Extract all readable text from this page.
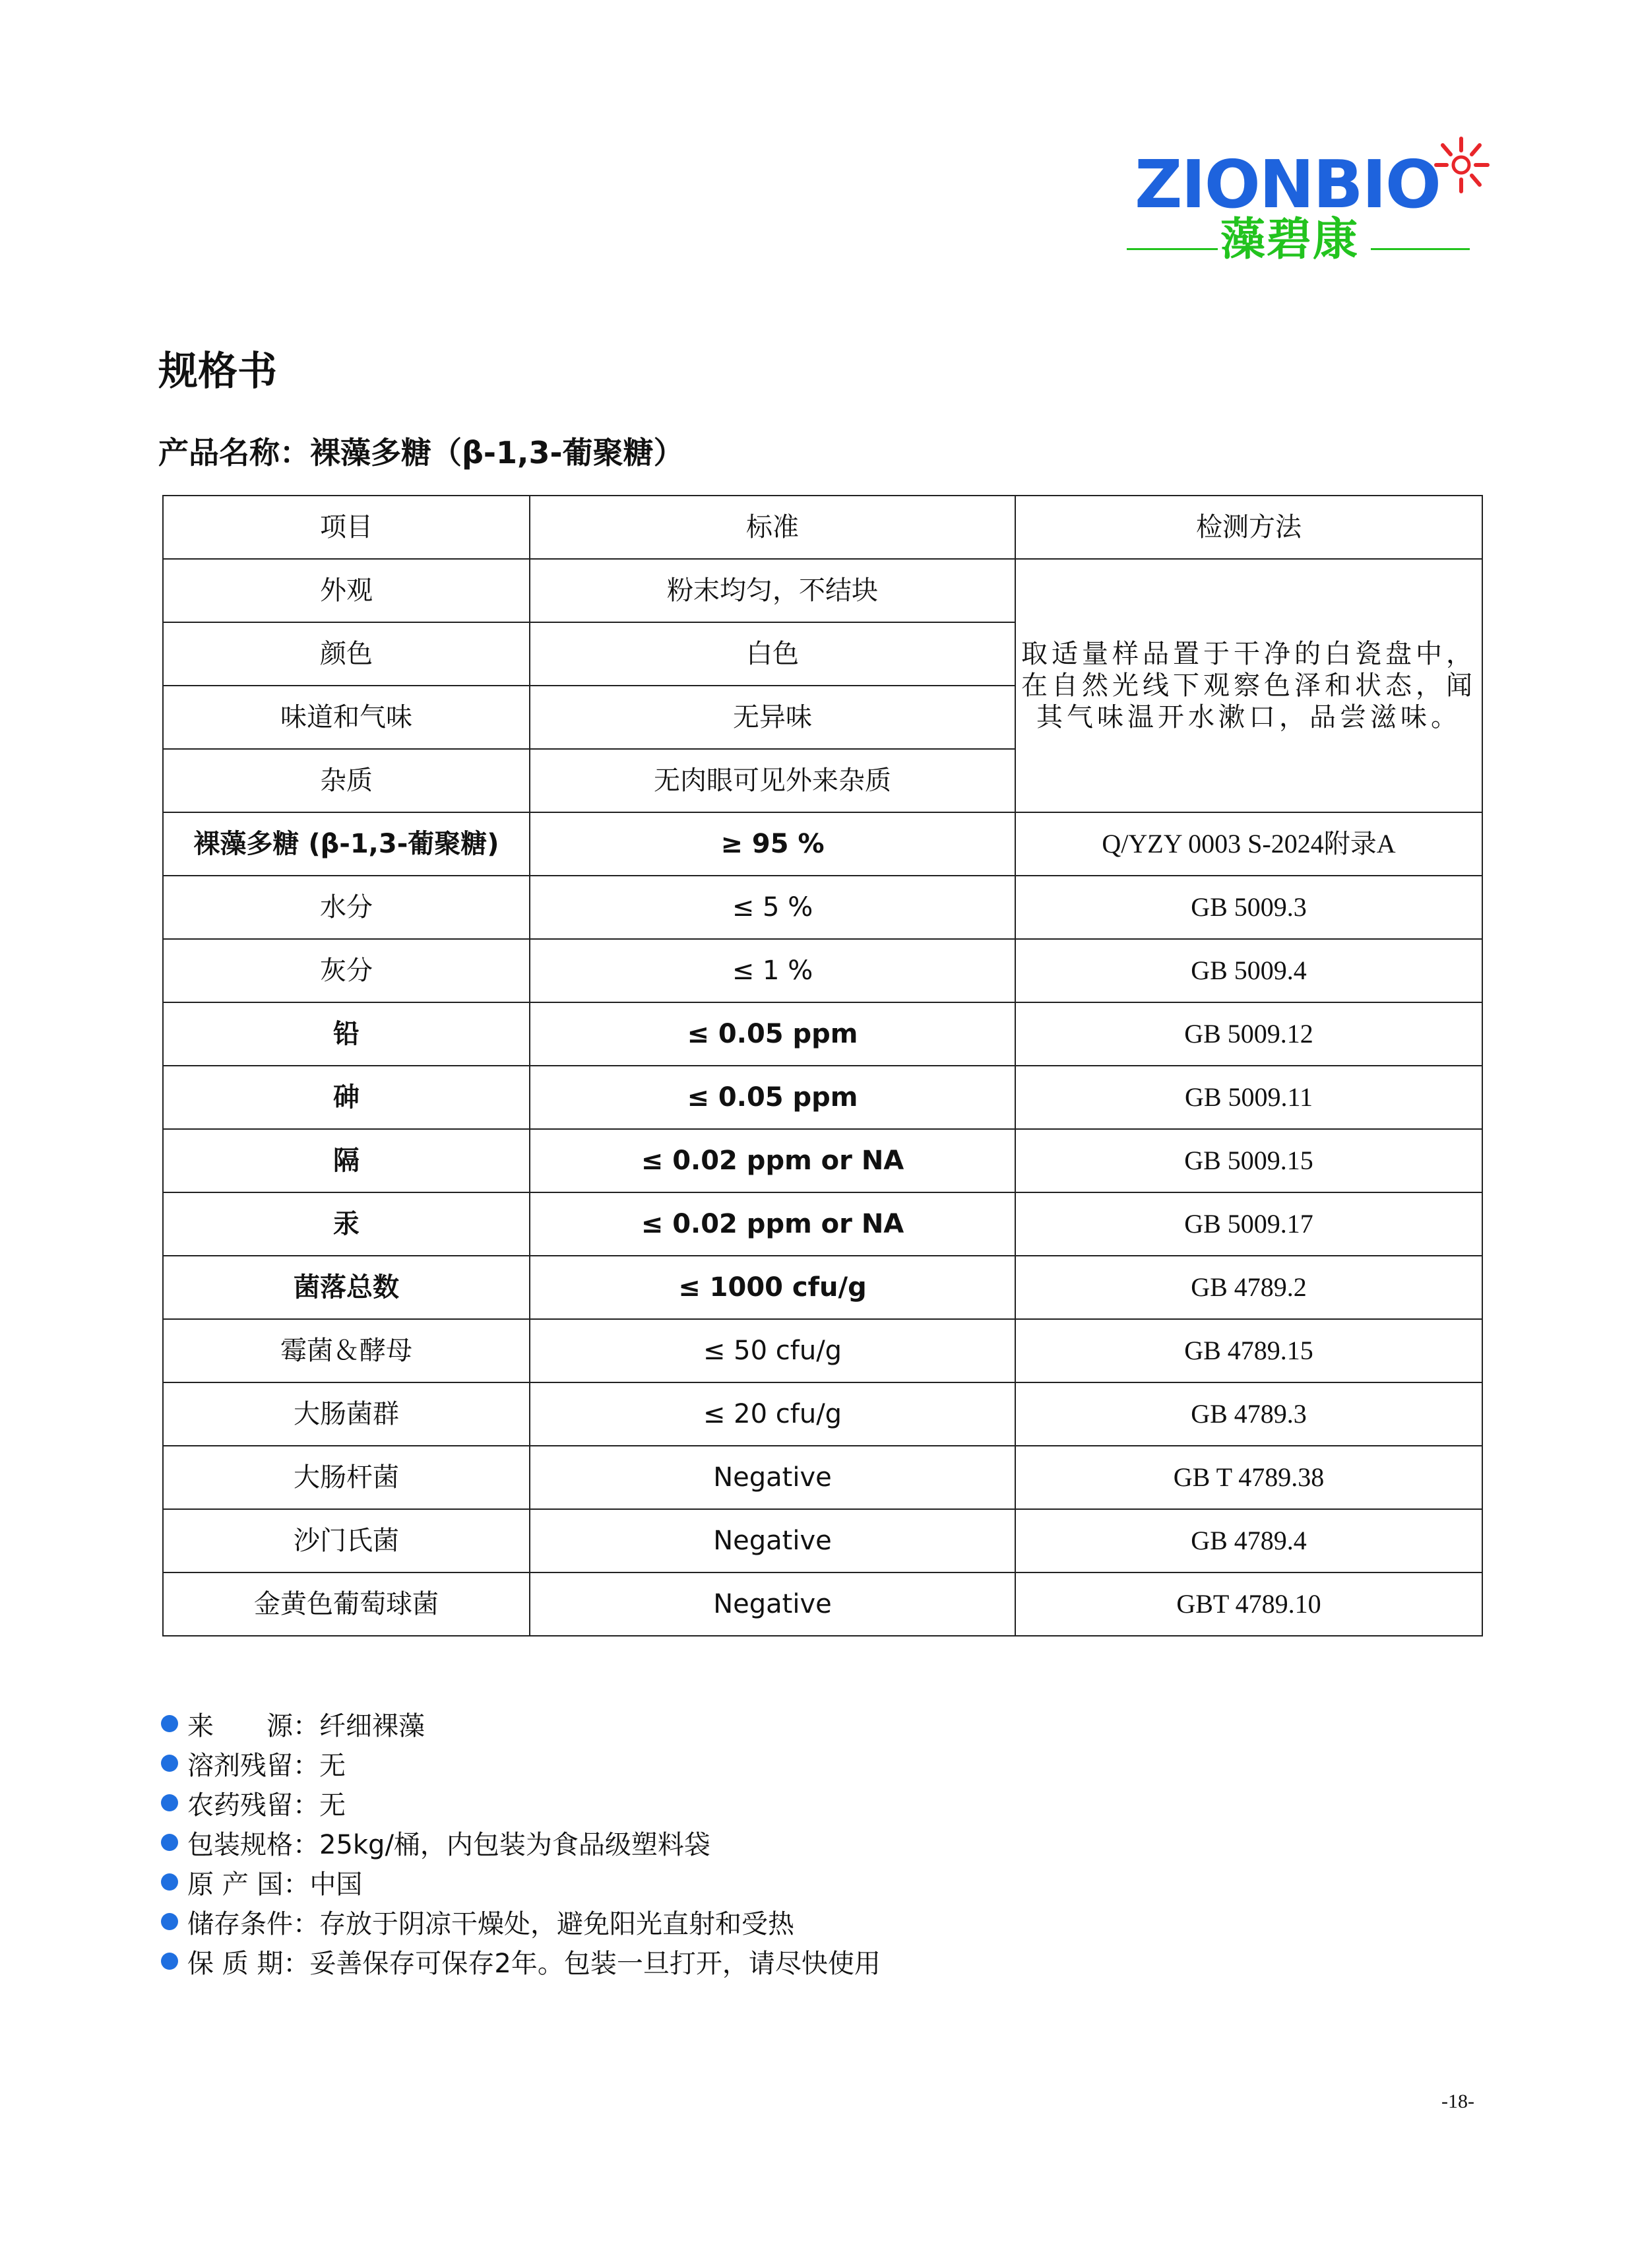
ZIONBIO
藻碧康
规格书
产品名称：裸藻多糖（β-1,3-葡聚糖）
项目	标准	检测方法
外观	粉末均匀，不结块	取适量样品置于干净的白瓷盘中，在自然光线下观察色泽和状态，闻其气味温开水漱口，品尝滋味。
颜色	白色	
味道和气味	无异味	
杂质	无肉眼可见外来杂质	
裸藻多糖 (β-1,3-葡聚糖)	≥ 95 %	Q/YZY 0003 S-2024附录A
水分	≤ 5 %	GB 5009.3
灰分	≤ 1 %	GB 5009.4
铅	≤ 0.05 ppm	GB 5009.12
砷	≤ 0.05 ppm	GB 5009.11
隔	≤ 0.02 ppm or NA	GB 5009.15
汞	≤ 0.02 ppm or NA	GB 5009.17
菌落总数	≤ 1000 cfu/g	GB 4789.2
霉菌＆酵母	≤ 50 cfu/g	GB 4789.15
大肠菌群	≤ 20 cfu/g	GB 4789.3
大肠杆菌	Negative	GB T 4789.38
沙门氏菌	Negative	GB 4789.4
金黄色葡萄球菌	Negative	GBT 4789.10
来　　源：纤细裸藻
溶剂残留：无
农药残留：无
包装规格：25kg/桶，内包装为食品级塑料袋
原 产 国：中国
储存条件：存放于阴凉干燥处，避免阳光直射和受热
保 质 期：妥善保存可保存2年。包装一旦打开，请尽快使用
-18-
